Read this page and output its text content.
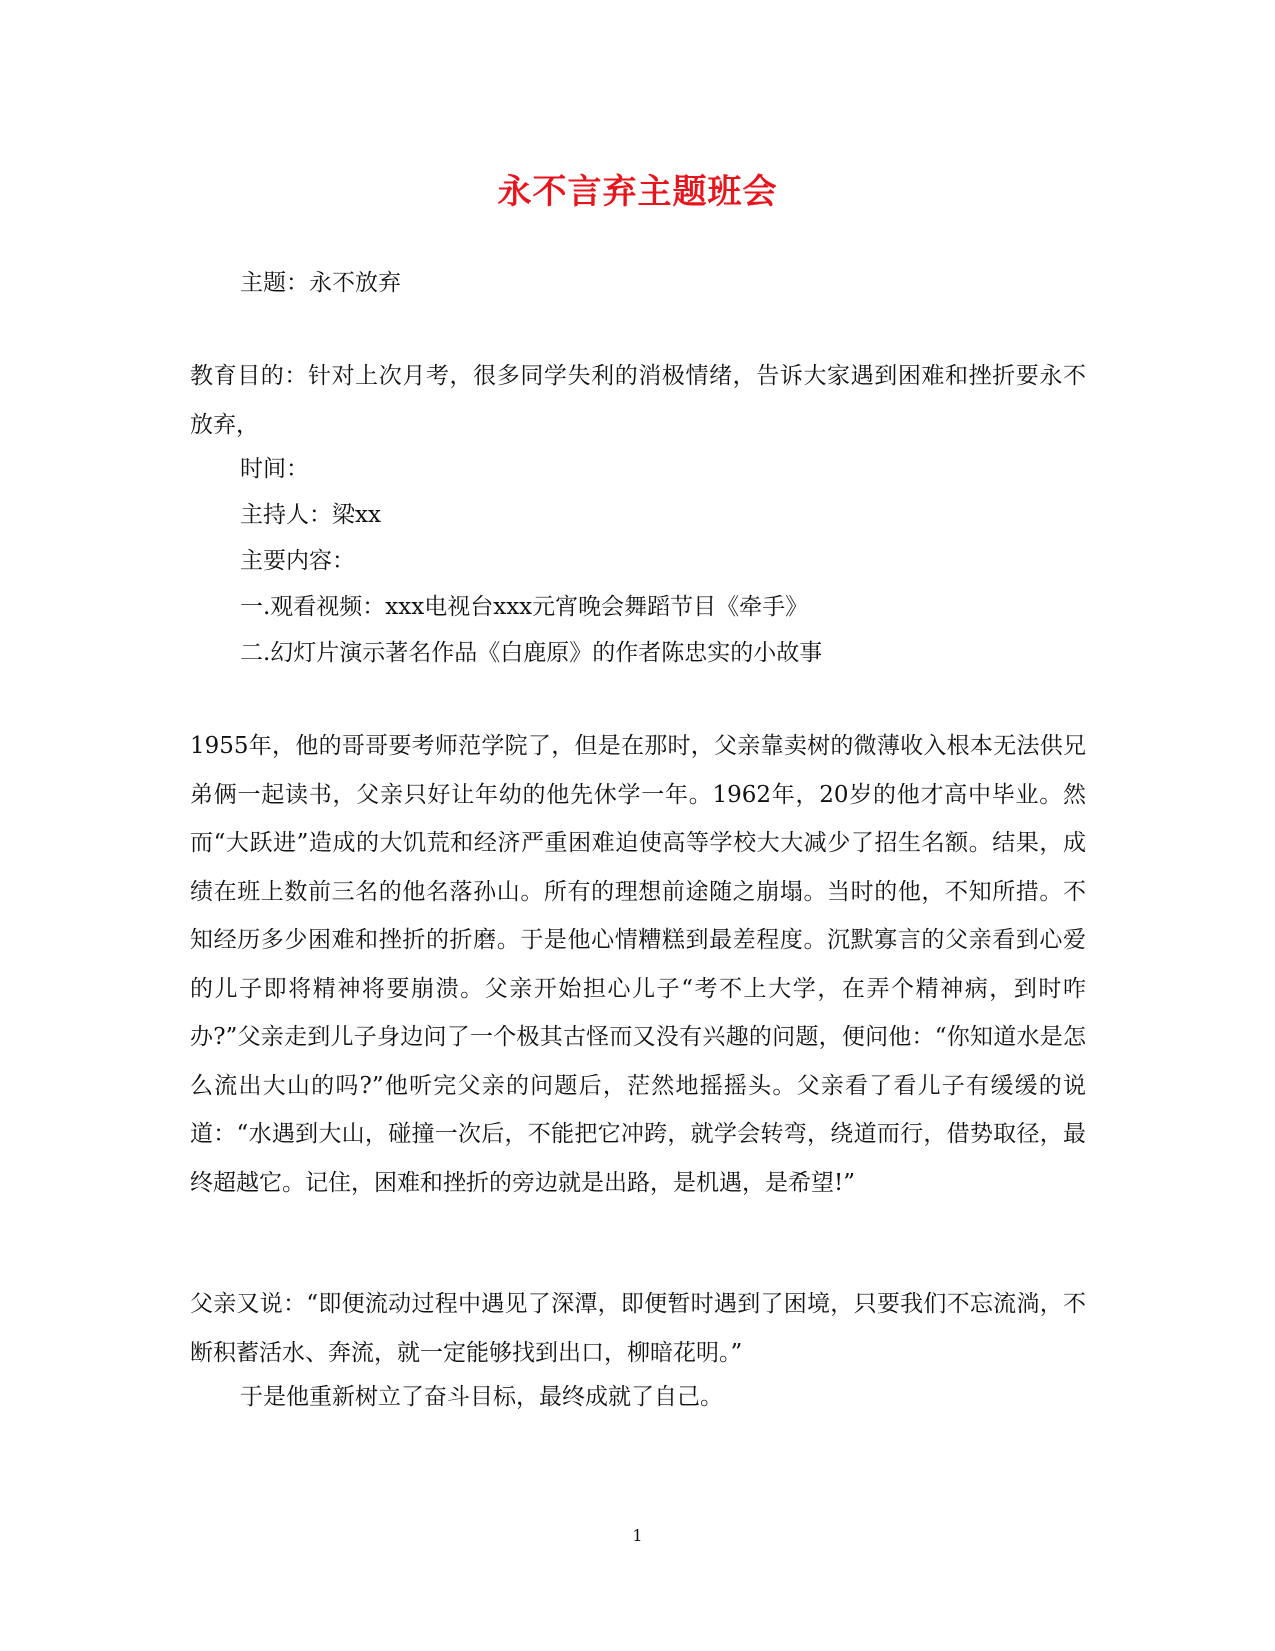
永不言弃主题班会
主题：永不放弃

教育目的：针对上次月考，很多同学失利的消极情绪，告诉大家遇到困难和挫折要永不放弃，

时间：
主持人：梁xx
主要内容：
一.观看视频：xxx电视台xxx元宵晚会舞蹈节目《牵手》
二.幻灯片演示著名作品《白鹿原》的作者陈忠实的小故事

1955年，他的哥哥要考师范学院了，但是在那时，父亲靠卖树的微薄收入根本无法供兄弟俩一起读书，父亲只好让年幼的他先休学一年。1962年，20岁的他才高中毕业。然而“大跃进”造成的大饥荒和经济严重困难迫使高等学校大大减少了招生名额。结果，成绩在班上数前三名的他名落孙山。所有的理想前途随之崩塌。当时的他，不知所措。不知经历多少困难和挫折的折磨。于是他心情糟糕到最差程度。沉默寡言的父亲看到心爱的儿子即将精神将要崩溃。父亲开始担心儿子“考不上大学，在弄个精神病，到时咋办?”父亲走到儿子身边问了一个极其古怪而又没有兴趣的问题，便问他：“你知道水是怎么流出大山的吗?”他听完父亲的问题后，茫然地摇摇头。父亲看了看儿子有缓缓的说道：“水遇到大山，碰撞一次后，不能把它冲跨，就学会转弯，绕道而行，借势取径，最终超越它。记住，困难和挫折的旁边就是出路，是机遇，是希望!”

父亲又说：“即便流动过程中遇见了深潭，即便暂时遇到了困境，只要我们不忘流淌，不断积蓄活水、奔流，就一定能够找到出口，柳暗花明。”

于是他重新树立了奋斗目标，最终成就了自己。
1
